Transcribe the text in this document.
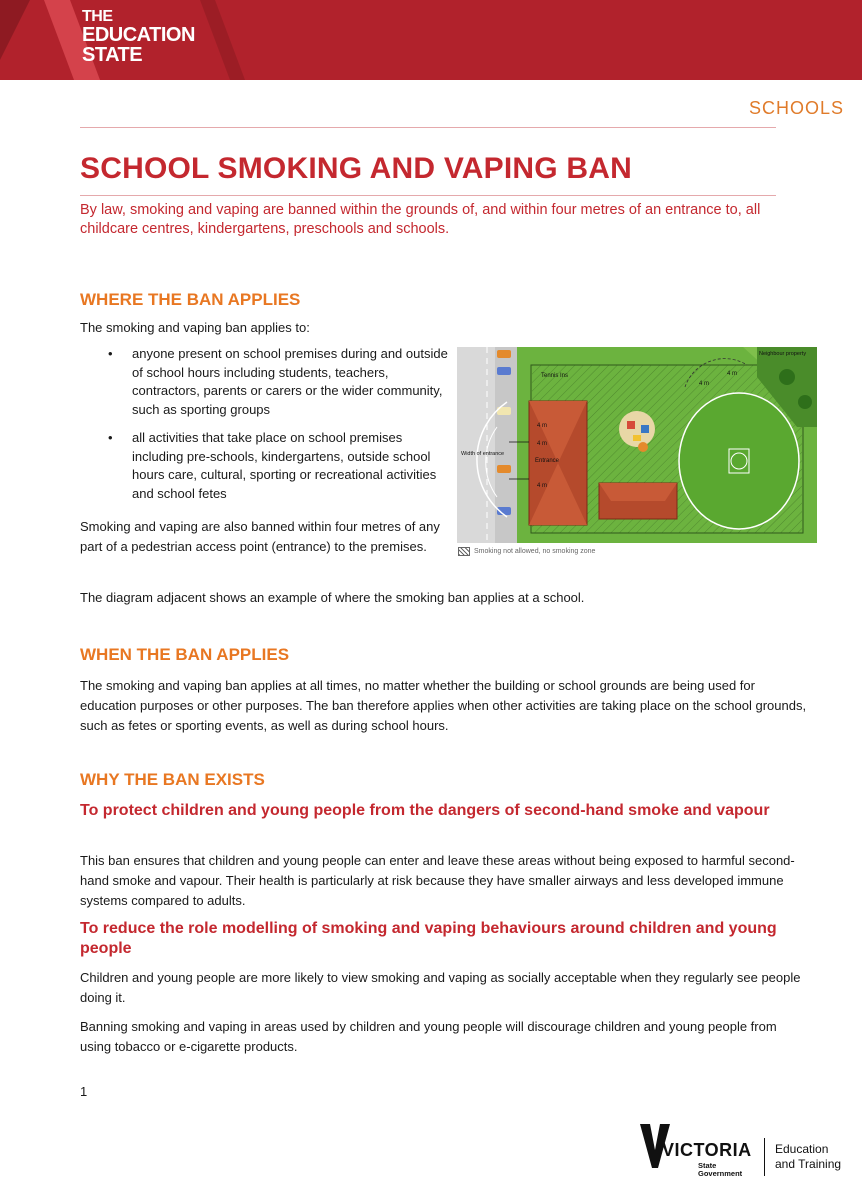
THE
EDUCATION
STATE
SCHOOLS
SCHOOL SMOKING AND VAPING BAN

By law, smoking and vaping are banned within the grounds of, and within four metres of an entrance to, all childcare centres, kindergartens, preschools and schools.

WHERE THE BAN APPLIES

The smoking and vaping ban applies to:

• anyone present on school premises during and outside of school hours including students, teachers, contractors, parents or carers or the wider community, such as sporting groups
• all activities that take place on school premises including pre-schools, kindergartens, outside school hours care, cultural, sporting or recreational activities and school fetes

Smoking and vaping are also banned within four metres of any part of a pedestrian access point (entrance) to the premises.

Tennis Ins
4 m
4 m
4 m
4 m
4 m
Entrance
Width of entrance
Neighbour property
Smoking not allowed, no smoking zone

The diagram adjacent shows an example of where the smoking ban applies at a school.

WHEN THE BAN APPLIES

The smoking and vaping ban applies at all times, no matter whether the building or school grounds are being used for education purposes or other purposes. The ban therefore applies when other activities are taking place on the school grounds, such as fetes or sporting events, as well as during school hours.

WHY THE BAN EXISTS
To protect children and young people from the dangers of second-hand smoke and vapour

This ban ensures that children and young people can enter and leave these areas without being exposed to harmful second-hand smoke and vapour. Their health is particularly at risk because they have smaller airways and less developed immune systems compared to adults.

To reduce the role modelling of smoking and vaping behaviours around children and young people

Children and young people are more likely to view smoking and vaping as socially acceptable when they regularly see people doing it.

Banning smoking and vaping in areas used by children and young people will discourage children and young people from using tobacco or e-cigarette products.

1
VICTORIA
State
Government
Education
and Training
